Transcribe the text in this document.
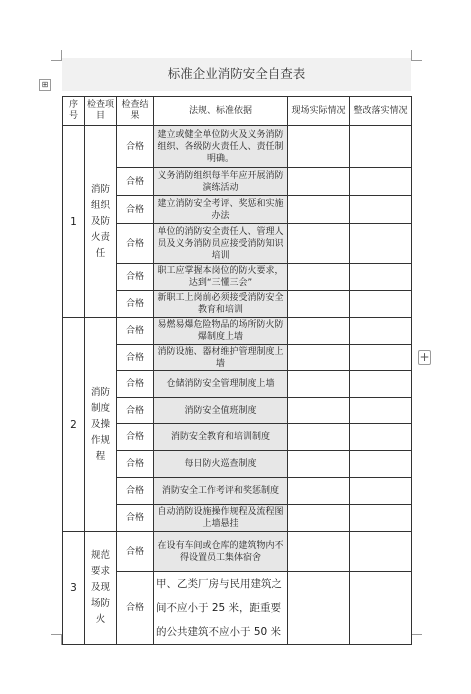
⊞
+
标准企业消防安全自查表
序号	检查项目	检查结果	法规、标准依据	现场实际情况	整改落实情况
1	消防组织及防火责任	合格	建立或健全单位防火及义务消防组织、各级防火责任人、责任制明确。		
		合格	义务消防组织每半年应开展消防演练活动		
		合格	建立消防安全考评、奖惩和实施办法		
		合格	单位的消防安全责任人、管理人员及义务消防员应接受消防知识培训		
		合格	职工应掌握本岗位的防火要求，达到“三懂三会”		
		合格	新职工上岗前必须接受消防安全教育和培训		
2	消防制度及操作规程	合格	易燃易爆危险物品的场所防火防爆制度上墙		
		合格	消防设施、器材维护管理制度上墙		
		合格	仓储消防安全管理制度上墙		
		合格	消防安全值班制度		
		合格	消防安全教育和培训制度		
		合格	每日防火巡查制度		
		合格	消防安全工作考评和奖惩制度		
		合格	自动消防设施操作规程及流程图上墙悬挂		
3	规范要求及现场防火	合格	在设有车间或仓库的建筑物内不得设置员工集体宿舍		
		合格	甲、乙类厂房与民用建筑之间不应小于 25 米，距重要的公共建筑不应小于 50 米		
